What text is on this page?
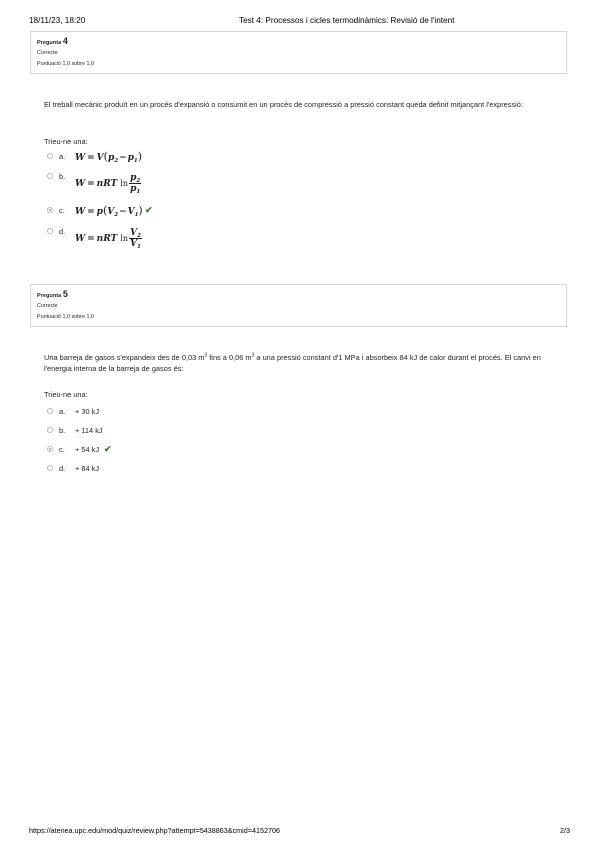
18/11/23, 18:20	Test 4: Processos i cicles termodinàmics: Revisió de l'intent
Pregunta 4
Correcte
Puntuació 1,0 sobre 1,0
El treball mecànic produït en un procés d'expansió o consumit en un procés de compressió a pressió constant queda definit mitjançant l'expressió:
Trieu-ne una:
a. $W = V(p_2-p_1)$
b.
W = nRT $\ln \frac{p_2}{p_1}$
c. $W = p(V_2-V_1)$ ✔
d.
W = nRT $\ln \frac{V_2}{V_1}$
Pregunta 5
Correcte
Puntuació 1,0 sobre 1,0
Una barreja de gasos s'expandeix des de 0,03 $m^3$ fins a 0,06 $m^3$ a una pressió constant d'1 MPa i absorbeix 84 kJ de calor durant el procés. El canvi en l'energia interna de la barreja de gasos és:
Trieu-ne una:
a. + 30 kJ
b. + 114 kJ
c. + 54 kJ ✔
d. + 84 kJ
https://atenea.upc.edu/mod/quiz/review.php?attempt=5438863&cmid=4152706	2/3
